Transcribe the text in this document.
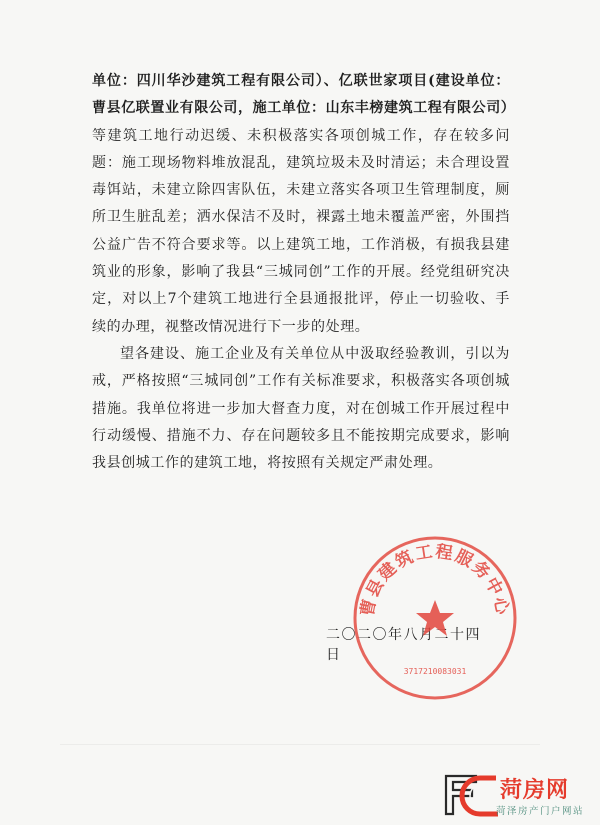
单位：四川华沙建筑工程有限公司）、亿联世家项目(建设单位：曹县亿联置业有限公司，施工单位：山东丰榜建筑工程有限公司）等建筑工地行动迟缓、未积极落实各项创城工作，存在较多问题：施工现场物料堆放混乱，建筑垃圾未及时清运；未合理设置毒饵站，未建立除四害队伍，未建立落实各项卫生管理制度，厕所卫生脏乱差；洒水保洁不及时，裸露土地未覆盖严密，外围挡公益广告不符合要求等。以上建筑工地，工作消极，有损我县建筑业的形象，影响了我县“三城同创”工作的开展。经党组研究决定，对以上7个建筑工地进行全县通报批评，停止一切验收、手续的办理，视整改情况进行下一步的处理。

望各建设、施工企业及有关单位从中汲取经验教训，引以为戒，严格按照“三城同创”工作有关标准要求，积极落实各项创城措施。我单位将进一步加大督查力度，对在创城工作开展过程中行动缓慢、措施不力、存在问题较多且不能按期完成要求，影响我县创城工作的建筑工地，将按照有关规定严肃处理。

二〇二〇年八月二十四日
曹县建筑工程服务中心
3717210083031
菏房网
菏泽房产门户网站
